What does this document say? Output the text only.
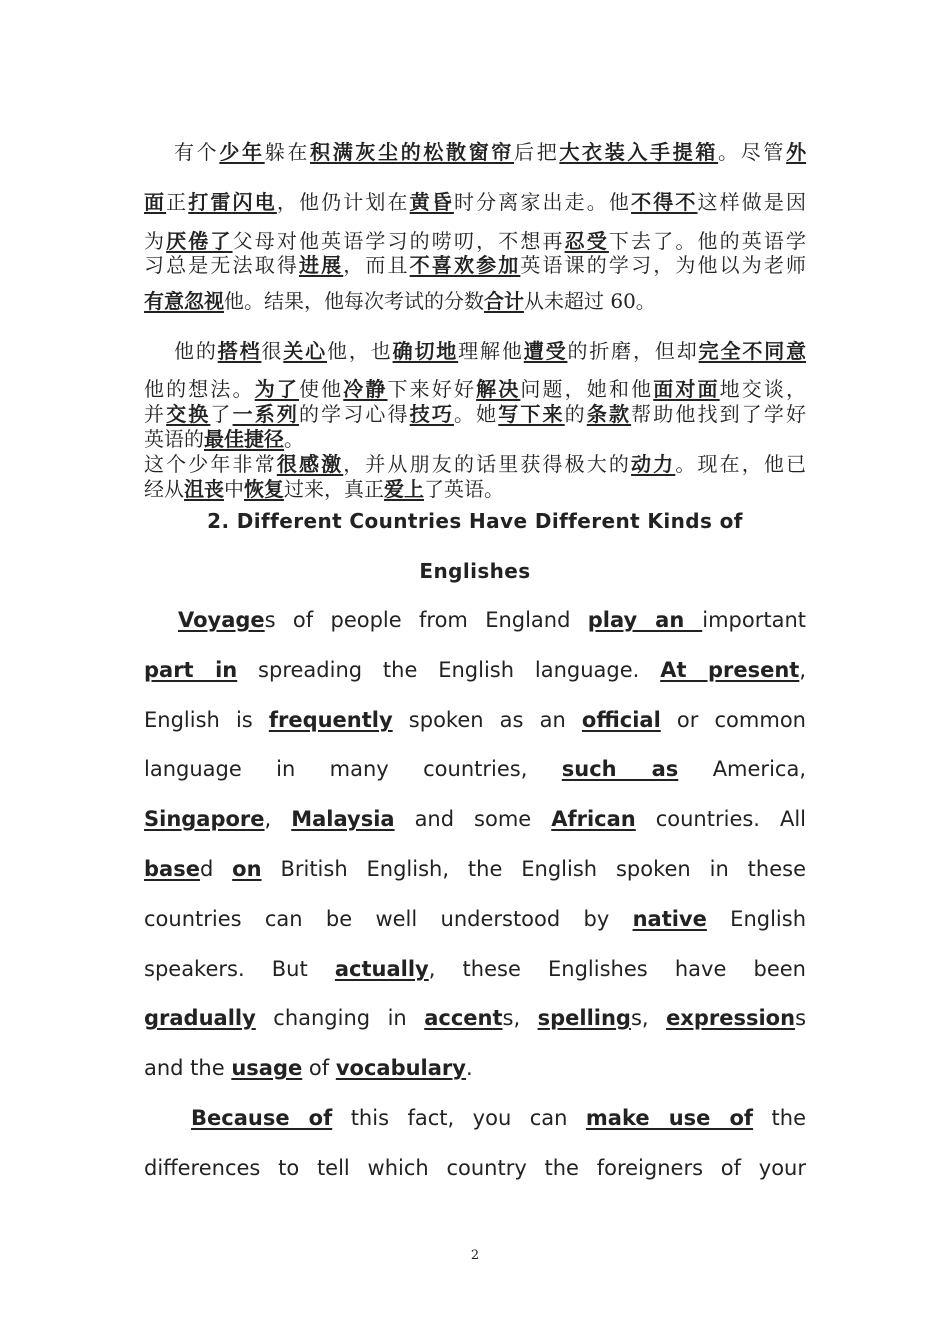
有个少年躲在积满灰尘的松散窗帘后把大衣装入手提箱。尽管外

面正打雷闪电，他仍计划在黄昏时分离家出走。他不得不这样做是因

为厌倦了父母对他英语学习的唠叨，不想再忍受下去了。他的英语学

习总是无法取得进展，而且不喜欢参加英语课的学习，为他以为老师

有意忽视他。结果，他每次考试的分数合计从未超过 60。

他的搭档很关心他，也确切地理解他遭受的折磨，但却完全不同意

他的想法。为了使他冷静下来好好解决问题，她和他面对面地交谈，

并交换了一系列的学习心得技巧。她写下来的条款帮助他找到了学好

英语的最佳捷径。

这个少年非常很感激，并从朋友的话里获得极大的动力。现在，他已

经从沮丧中恢复过来，真正爱上了英语。

2. Different Countries Have Different Kinds of

Englishes

Voyages of people from England play an important

part in spreading the English language. At present,

English is frequently spoken as an official or common

language in many countries, such as America,

Singapore, Malaysia and some African countries. All

based on British English, the English spoken in these

countries can be well understood by native English

speakers. But actually, these Englishes have been

gradually changing in accents, spellings, expressions

and the usage of vocabulary.

Because of this fact, you can make use of the

differences to tell which country the foreigners of your

2
